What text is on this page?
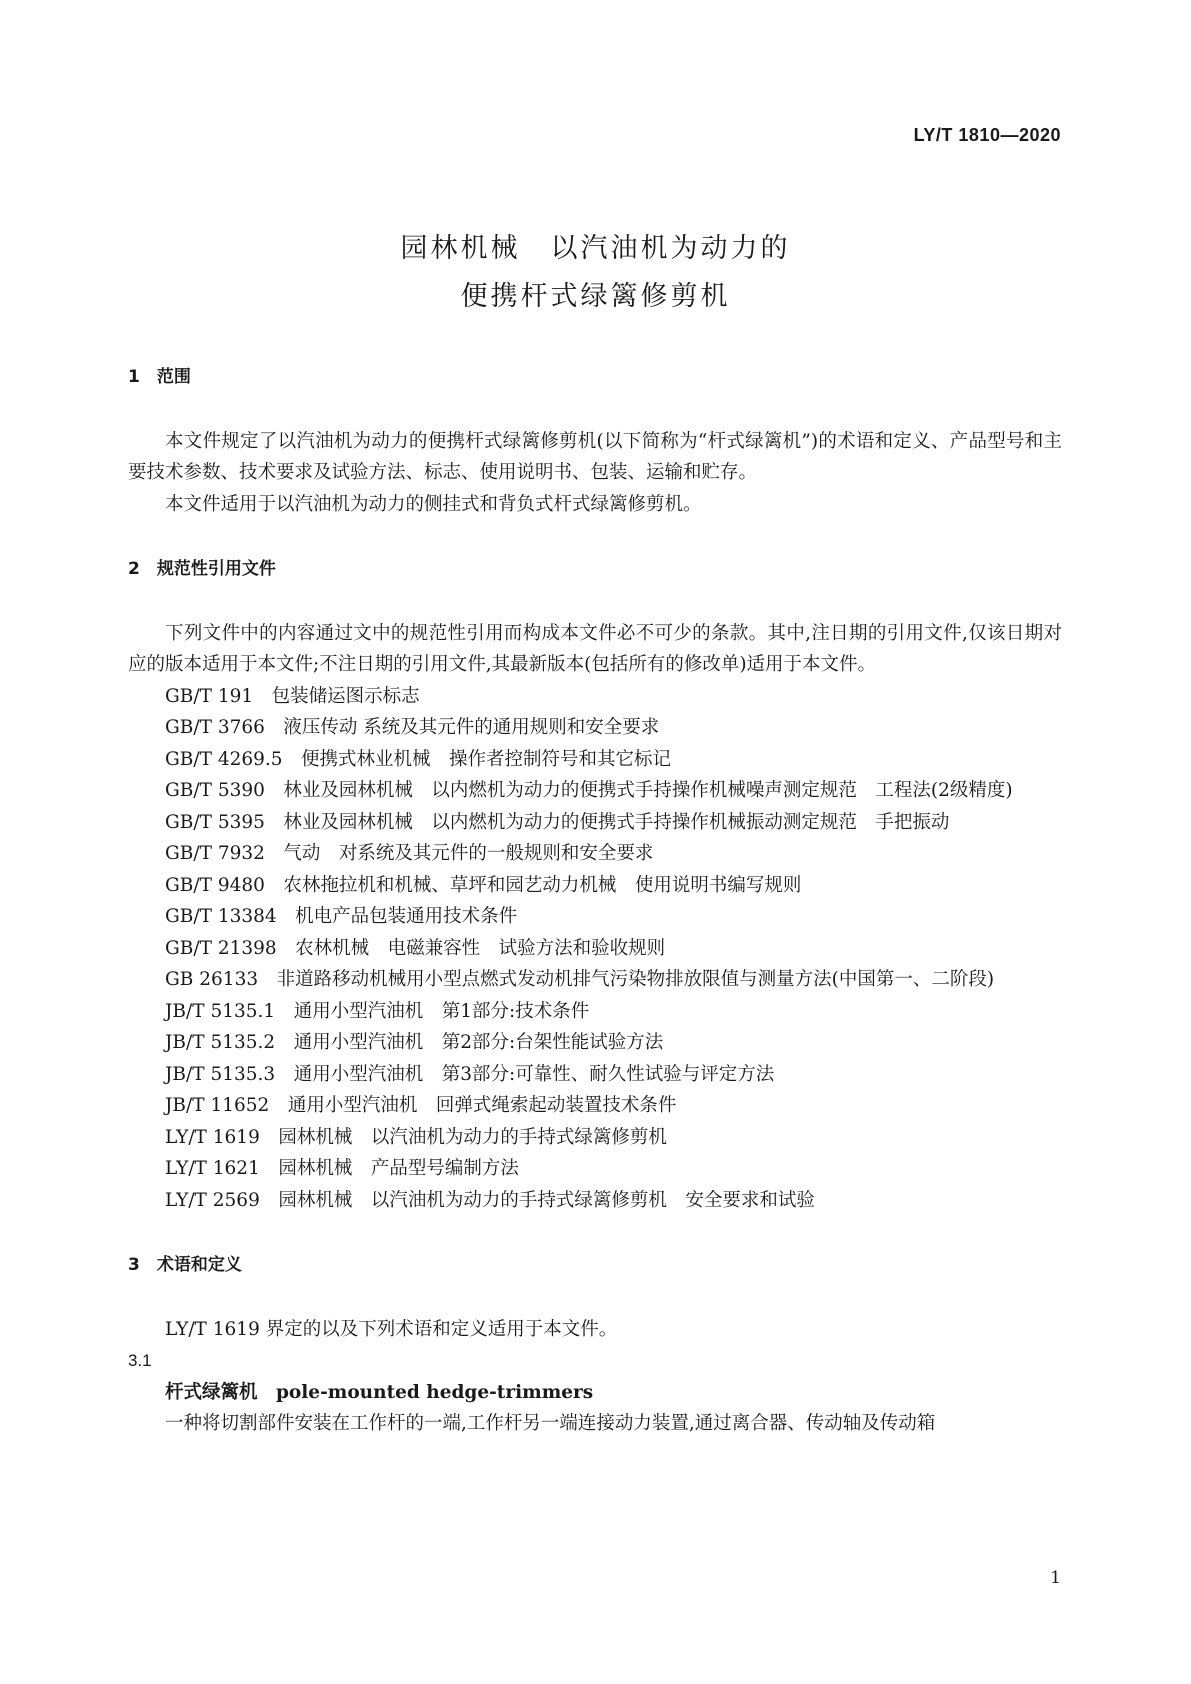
LY/T 1810—2020
园林机械　以汽油机为动力的
便携杆式绿篱修剪机

1　范围

本文件规定了以汽油机为动力的便携杆式绿篱修剪机(以下简称为“杆式绿篱机”)的术语和定义、产品型号和主要技术参数、技术要求及试验方法、标志、使用说明书、包装、运输和贮存。

本文件适用于以汽油机为动力的侧挂式和背负式杆式绿篱修剪机。

2　规范性引用文件

下列文件中的内容通过文中的规范性引用而构成本文件必不可少的条款。其中,注日期的引用文件,仅该日期对应的版本适用于本文件;不注日期的引用文件,其最新版本(包括所有的修改单)适用于本文件。

GB/T 191　包装储运图示标志

GB/T 3766　液压传动 系统及其元件的通用规则和安全要求

GB/T 4269.5　便携式林业机械　操作者控制符号和其它标记

GB/T 5390　林业及园林机械　以内燃机为动力的便携式手持操作机械噪声测定规范　工程法(2级精度)

GB/T 5395　林业及园林机械　以内燃机为动力的便携式手持操作机械振动测定规范　手把振动

GB/T 7932　气动　对系统及其元件的一般规则和安全要求

GB/T 9480　农林拖拉机和机械、草坪和园艺动力机械　使用说明书编写规则

GB/T 13384　机电产品包装通用技术条件

GB/T 21398　农林机械　电磁兼容性　试验方法和验收规则

GB 26133　非道路移动机械用小型点燃式发动机排气污染物排放限值与测量方法(中国第一、二阶段)

JB/T 5135.1　通用小型汽油机　第1部分:技术条件

JB/T 5135.2　通用小型汽油机　第2部分:台架性能试验方法

JB/T 5135.3　通用小型汽油机　第3部分:可靠性、耐久性试验与评定方法

JB/T 11652　通用小型汽油机　回弹式绳索起动装置技术条件

LY/T 1619　园林机械　以汽油机为动力的手持式绿篱修剪机

LY/T 1621　园林机械　产品型号编制方法

LY/T 2569　园林机械　以汽油机为动力的手持式绿篱修剪机　安全要求和试验

3　术语和定义

LY/T 1619 界定的以及下列术语和定义适用于本文件。

3.1

杆式绿篱机　pole-mounted hedge-trimmers

一种将切割部件安装在工作杆的一端,工作杆另一端连接动力装置,通过离合器、传动轴及传动箱

1
